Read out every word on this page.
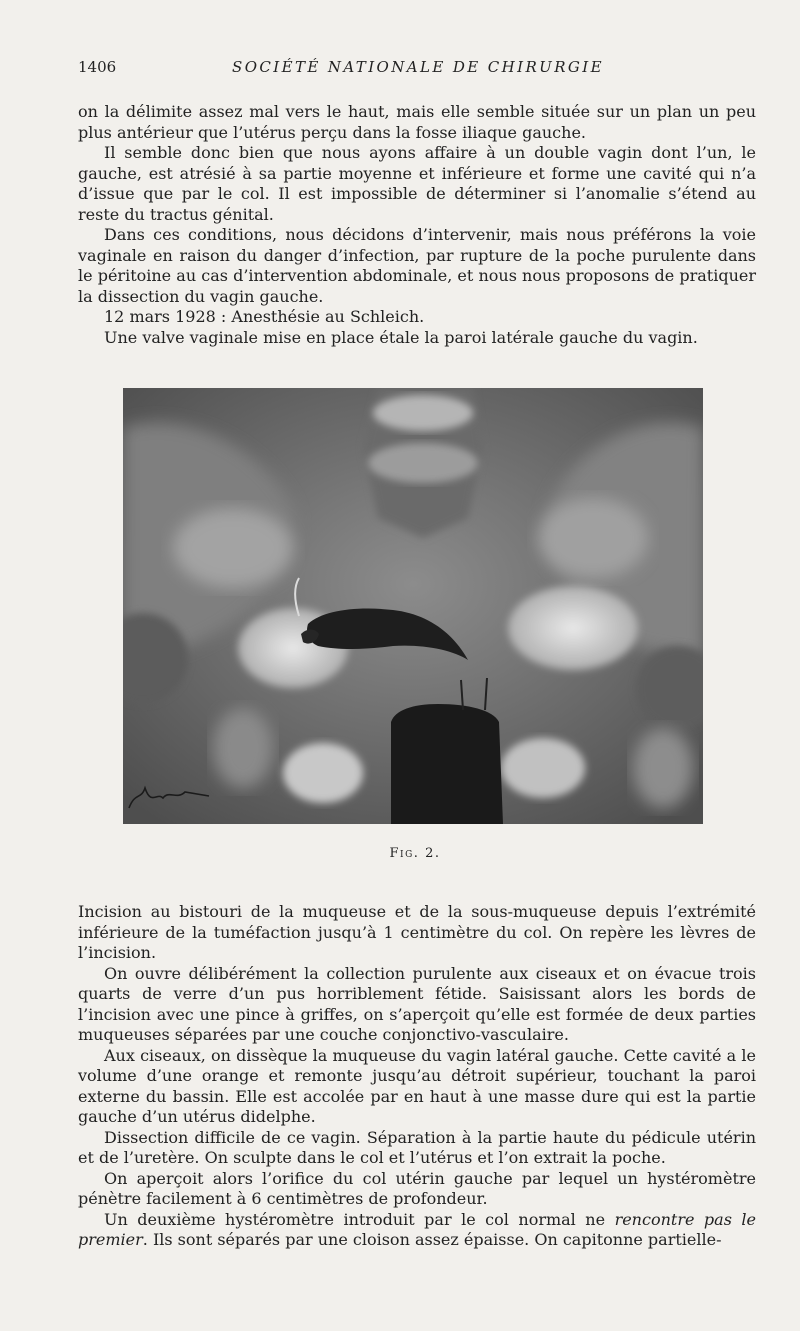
1406	SOCIÉTÉ NATIONALE DE CHIRURGIE

on la délimite assez mal vers le haut, mais elle semble située sur un plan un peu plus antérieur que l’utérus perçu dans la fosse iliaque gauche.

Il semble donc bien que nous ayons affaire à un double vagin dont l’un, le gauche, est atrésié à sa partie moyenne et inférieure et forme une cavité qui n’a d’issue que par le col. Il est impossible de déterminer si l’anomalie s’étend au reste du tractus génital.

Dans ces conditions, nous décidons d’intervenir, mais nous préférons la voie vaginale en raison du danger d’infection, par rupture de la poche purulente dans le péritoine au cas d’intervention abdominale, et nous nous proposons de pratiquer la dissection du vagin gauche.

12 mars 1928 : Anesthésie au Schleich.

Une valve vaginale mise en place étale la paroi latérale gauche du vagin.

Fig. 2.

Incision au bistouri de la muqueuse et de la sous-muqueuse depuis l’extrémité inférieure de la tuméfaction jusqu’à 1 centimètre du col. On repère les lèvres de l’incision.

On ouvre délibérément la collection purulente aux ciseaux et on évacue trois quarts de verre d’un pus horriblement fétide. Saisissant alors les bords de l’incision avec une pince à griffes, on s’aperçoit qu’elle est formée de deux parties muqueuses séparées par une couche conjonctivo-vasculaire.

Aux ciseaux, on dissèque la muqueuse du vagin latéral gauche. Cette cavité a le volume d’une orange et remonte jusqu’au détroit supérieur, touchant la paroi externe du bassin. Elle est accolée par en haut à une masse dure qui est la partie gauche d’un utérus didelphe.

Dissection difficile de ce vagin. Séparation à la partie haute du pédicule utérin et de l’uretère. On sculpte dans le col et l’utérus et l’on extrait la poche.

On aperçoit alors l’orifice du col utérin gauche par lequel un hystéromètre pénètre facilement à 6 centimètres de profondeur.

Un deuxième hystéromètre introduit par le col normal ne rencontre pas le premier. Ils sont séparés par une cloison assez épaisse. On capitonne partielle-
